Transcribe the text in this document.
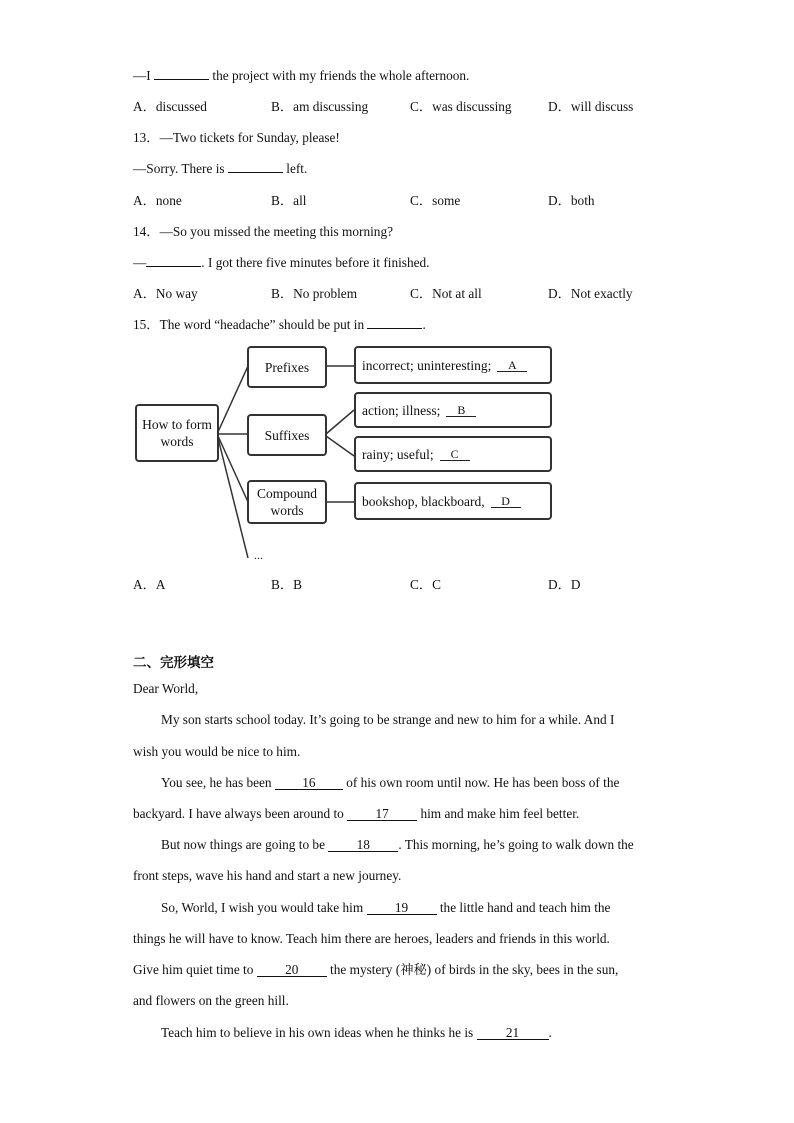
—I	the project with my friends the whole afternoon.
A．discussed	B．am discussing	C．was discussing	D．will discuss
13．—Two tickets for Sunday, please!
—Sorry. There is	left.
A．none	B．all	C．some	D．both
14．—So you missed the meeting this morning?
—	. I got there five minutes before it finished.
A．No way	B．No problem	C．Not at all	D．Not exactly
15．The word “headache” should be put in	.
How to form words
Prefixes
Suffixes
Compound words
incorrect; uninteresting;	A
action; illness;	B
rainy; useful;	C
bookshop, blackboard,	D
...
A．A	B．B	C．C	D．D
二、完形填空
Dear World,
My son starts school today. It’s going to be strange and new to him for a while. And I
wish you would be nice to him.
You see, he has been 16 of his own room until now. He has been boss of the
backyard. I have always been around to 17 him and make him feel better.
But now things are going to be 18 . This morning, he’s going to walk down the
front steps, wave his hand and start a new journey.
So, World, I wish you would take him 19 the little hand and teach him the
things he will have to know. Teach him there are heroes, leaders and friends in this world.
Give him quiet time to 20 the mystery (神秘) of birds in the sky, bees in the sun,
and flowers on the green hill.
Teach him to believe in his own ideas when he thinks he is 21 .
